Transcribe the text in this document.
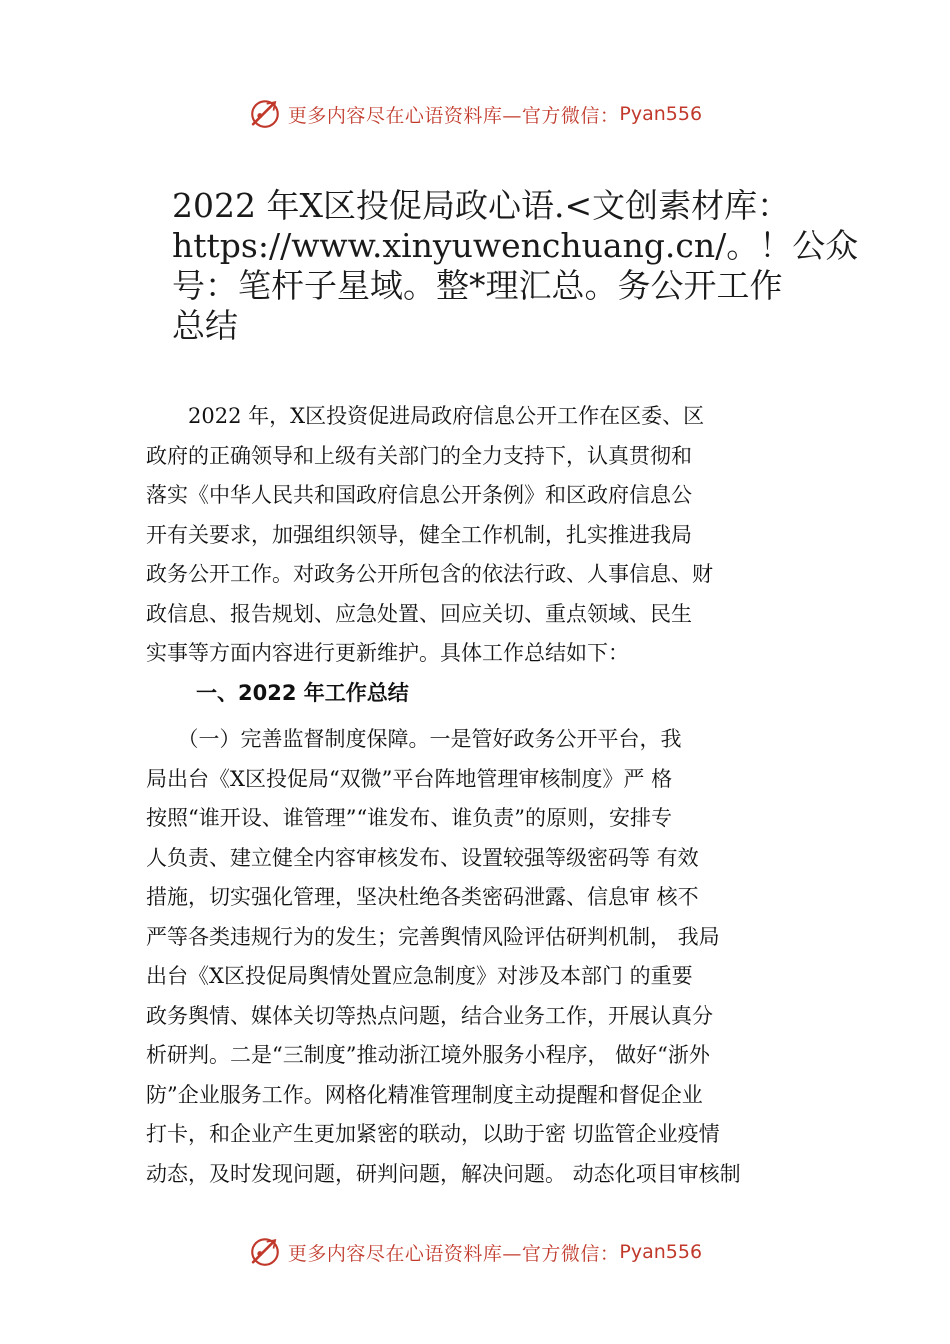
更多内容尽在心语资料库—官方微信： Pyan556
2022 年X区投促局政心语.<文创素材库：
https://www.xinyuwenchuang.cn/。！公众
号：笔杆子星域。整*理汇总。务公开工作
总结
　　2022 年，X区投资促进局政府信息公开工作在区委、区
政府的正确领导和上级有关部门的全力支持下，认真贯彻和
落实《中华人民共和国政府信息公开条例》和区政府信息公
开有关要求，加强组织领导，健全工作机制，扎实推进我局
政务公开工作。对政务公开所包含的依法行政、人事信息、财
政信息、报告规划、应急处置、回应关切、重点领域、民生
实事等方面内容进行更新维护。具体工作总结如下：
一、2022 年工作总结
　　（一）完善监督制度保障。一是管好政务公开平台，我
局出台《X区投促局“双微”平台阵地管理审核制度》严 格
按照“谁开设、谁管理”“谁发布、谁负责”的原则，安排专
人负责、建立健全内容审核发布、设置较强等级密码等 有效
措施，切实强化管理，坚决杜绝各类密码泄露、信息审 核不
严等各类违规行为的发生；完善舆情风险评估研判机制， 我局
出台《X区投促局舆情处置应急制度》对涉及本部门 的重要
政务舆情、媒体关切等热点问题，结合业务工作，开展认真分
析研判。二是“三制度”推动浙江境外服务小程序， 做好“浙外
防”企业服务工作。网格化精准管理制度主动提醒和督促企业
打卡，和企业产生更加紧密的联动，以助于密 切监管企业疫情
动态，及时发现问题，研判问题，解决问题。 动态化项目审核制
更多内容尽在心语资料库—官方微信： Pyan556
